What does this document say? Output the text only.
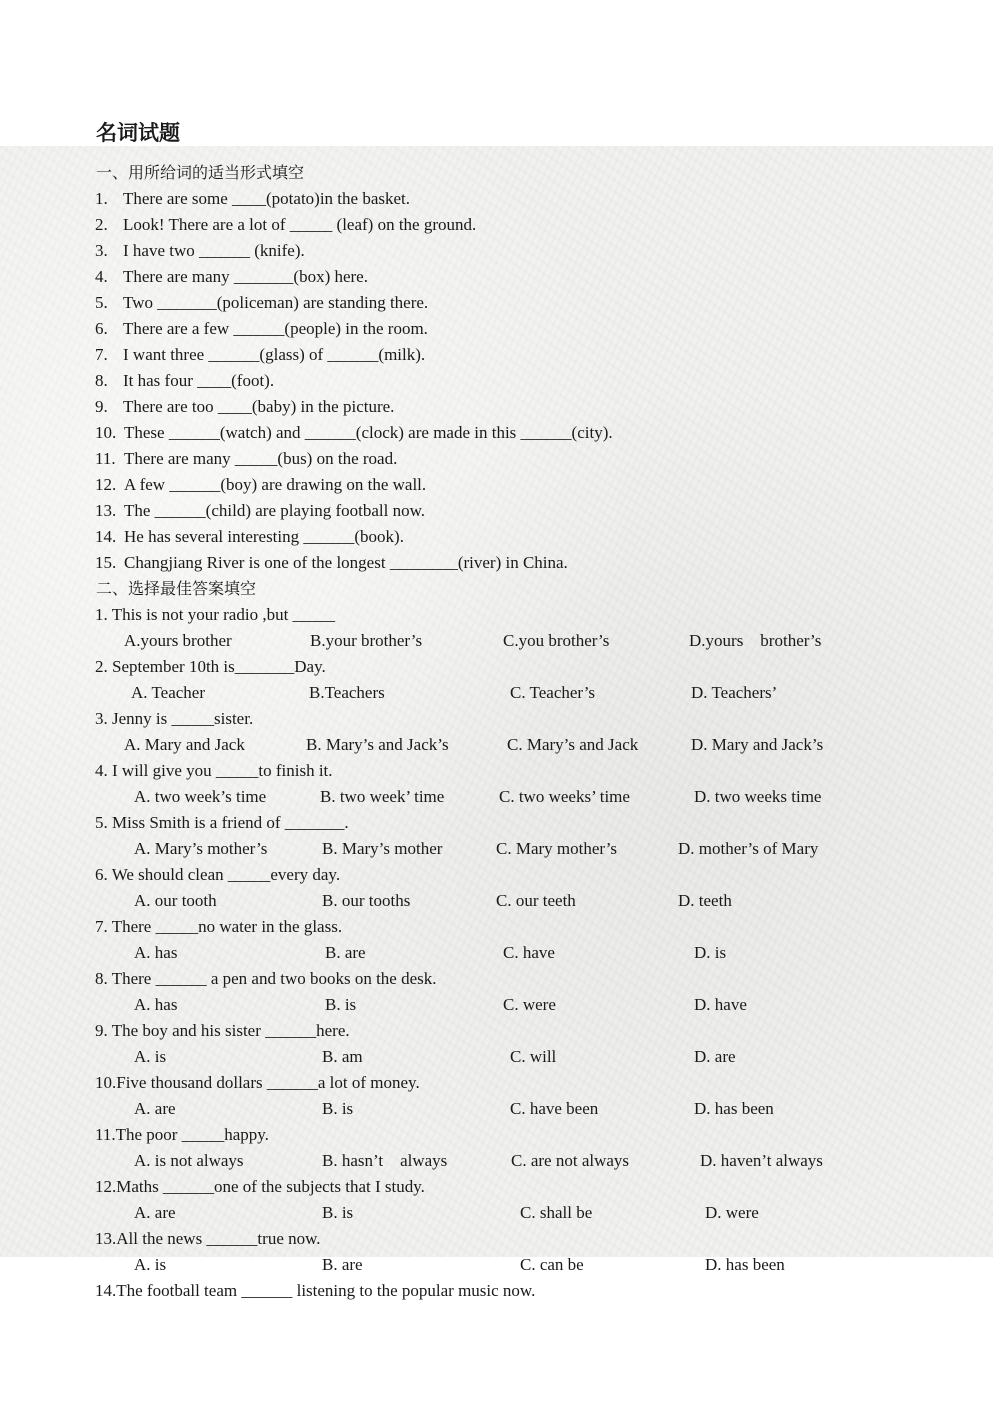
名词试题
一、用所给词的适当形式填空
1. There are some ____(potato)in the basket.
2. Look! There are a lot of _____ (leaf) on the ground.
3. I have two ______ (knife).
4. There are many _______(box) here.
5. Two _______(policeman) are standing there.
6. There are a few ______(people) in the room.
7. I want three ______(glass) of ______(milk).
8. It has four ____(foot).
9. There are too ____(baby) in the picture.
10. These ______(watch) and ______(clock) are made in this ______(city).
11. There are many _____(bus) on the road.
12. A few ______(boy) are drawing on the wall.
13. The ______(child) are playing football now.
14. He has several interesting ______(book).
15. Changjiang River is one of the longest ________(river) in China.
二、选择最佳答案填空
1. This is not your radio ,but _____
A.yours brother	B.your brother’s	C.you brother’s	D.yours    brother’s
2. September 10th is_______Day.
A. Teacher	B.Teachers	C. Teacher’s	D. Teachers’
3. Jenny is _____sister.
A. Mary and Jack	B. Mary’s and Jack’s	C. Mary’s and Jack	D. Mary and Jack’s
4. I will give you _____to finish it.
A. two week’s time	B. two week’ time	C. two weeks’ time	D. two weeks time
5. Miss Smith is a friend of _______.
A. Mary’s mother’s	B. Mary’s mother	C. Mary mother’s	D. mother’s of Mary
6. We should clean _____every day.
A. our tooth	B. our tooths	C. our teeth	D. teeth
7. There _____no water in the glass.
A. has	B. are	C. have	D. is
8. There ______ a pen and two books on the desk.
A. has	B. is	C. were	D. have
9. The boy and his sister ______here.
A. is	B. am	C. will	D. are
10.Five thousand dollars ______a lot of money.
A. are	B. is	C. have been	D. has been
11.The poor _____happy.
A. is not always	B. hasn’t    always	C. are not always	D. haven’t always
12.Maths ______one of the subjects that I study.
A. are	B. is	C. shall be	D. were
13.All the news ______true now.
A. is	B. are	C. can be	D. has been
14.The football team ______ listening to the popular music now.
